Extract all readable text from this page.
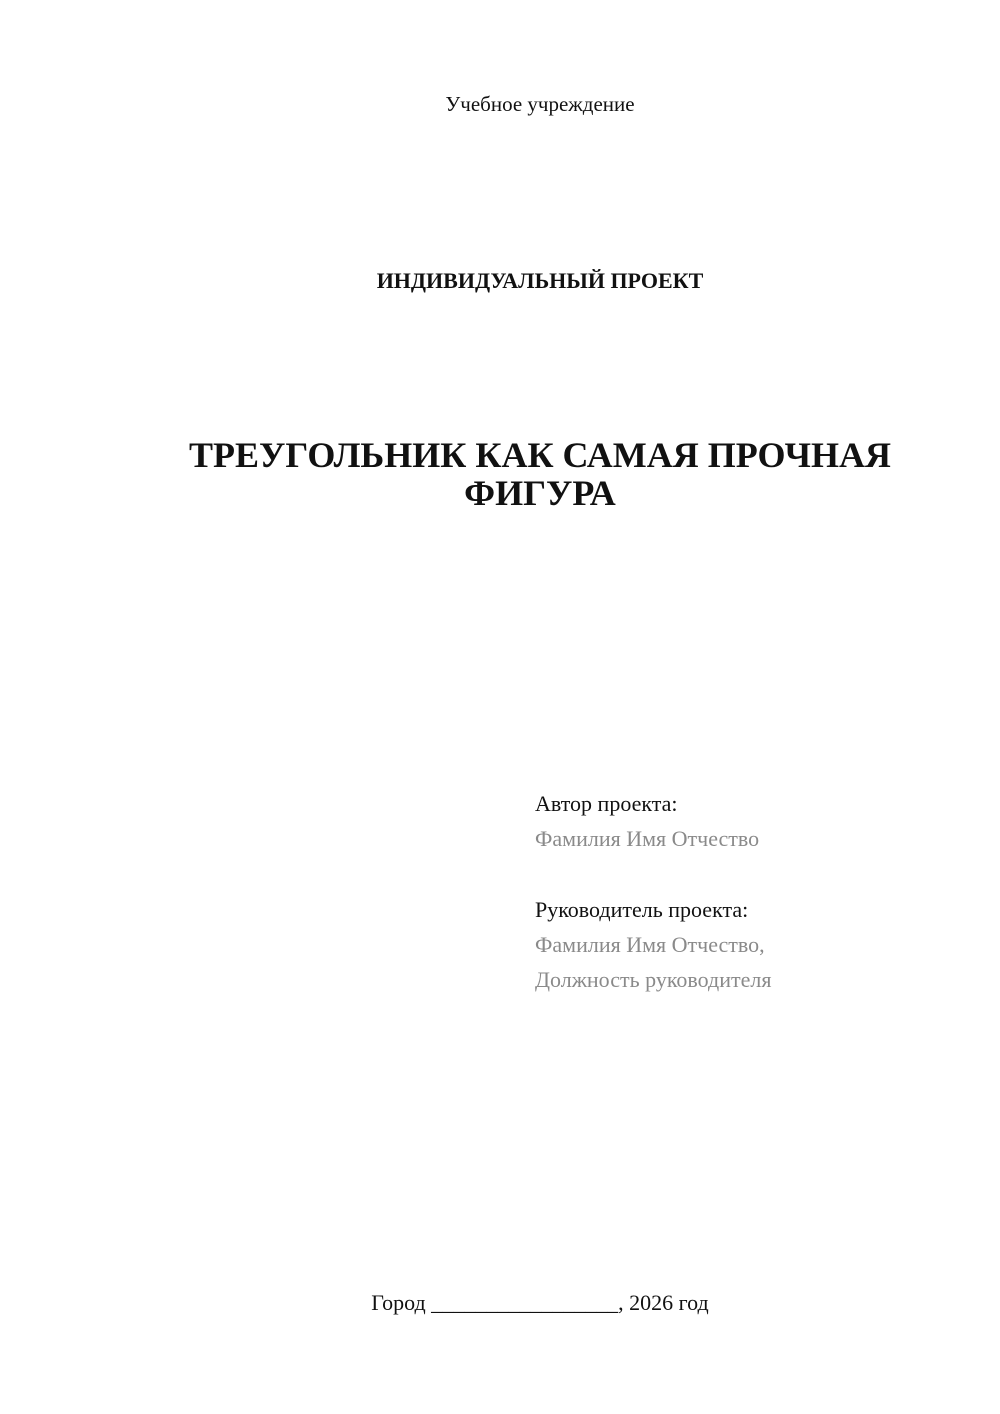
Учебное учреждение
ИНДИВИДУАЛЬНЫЙ ПРОЕКТ
ТРЕУГОЛЬНИК КАК САМАЯ ПРОЧНАЯ
ФИГУРА
Автор проекта:
Фамилия Имя Отчество
Руководитель проекта:
Фамилия Имя Отчество,
Должность руководителя
Город _________________, 2026 год
